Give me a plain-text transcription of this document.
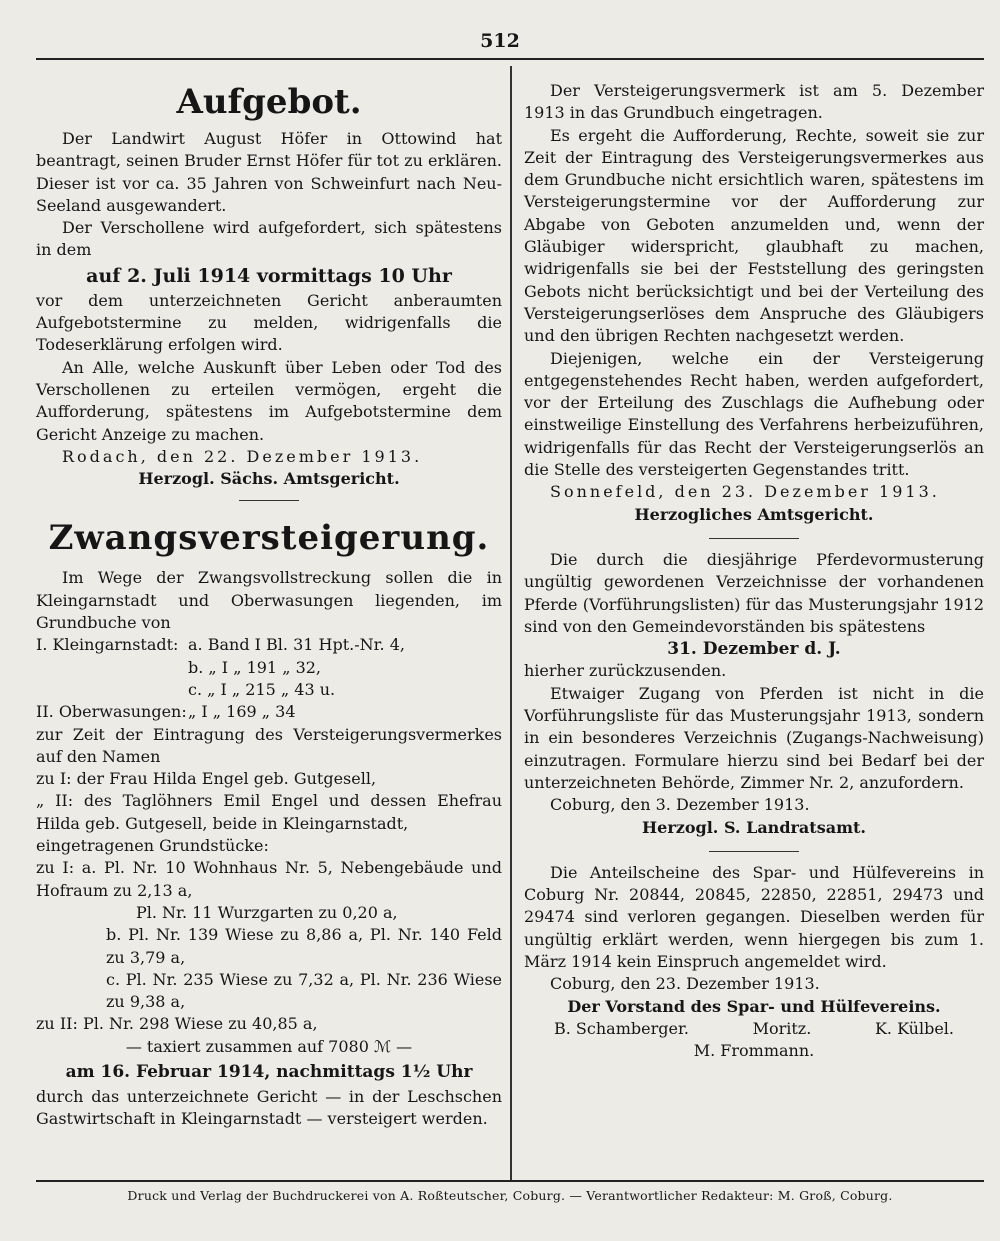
512
Aufgebot.

Der Landwirt August Höfer in Ottowind hat beantragt, seinen Bruder Ernst Höfer für tot zu erklären. Dieser ist vor ca. 35 Jahren von Schweinfurt nach Neu-Seeland ausgewandert.

Der Verschollene wird aufgefordert, sich spätestens in dem

auf 2. Juli 1914 vormittags 10 Uhr

vor dem unterzeichneten Gericht anberaumten Aufgebotstermine zu melden, widrigenfalls die Todeserklärung erfolgen wird.

An Alle, welche Auskunft über Leben oder Tod des Verschollenen zu erteilen vermögen, ergeht die Aufforderung, spätestens im Aufgebotstermine dem Gericht Anzeige zu machen.

Rodach, den 22. Dezember 1913.

Herzogl. Sächs. Amtsgericht.

Zwangsversteigerung.

Im Wege der Zwangsvollstreckung sollen die in Kleingarnstadt und Oberwasungen liegenden, im Grundbuche von

I. Kleingarnstadt: a. Band I Bl. 31 Hpt.-Nr. 4,
b. „ I „ 191 „ 32,
c. „ I „ 215 „ 43 u.
II. Oberwasungen: „ I „ 169 „ 34

zur Zeit der Eintragung des Versteigerungsvermerkes auf den Namen

zu I: der Frau Hilda Engel geb. Gutgesell,

„ II: des Taglöhners Emil Engel und dessen Ehefrau Hilda geb. Gutgesell, beide in Kleingarnstadt,

eingetragenen Grundstücke:

zu I: a. Pl. Nr. 10 Wohnhaus Nr. 5, Nebengebäude und Hofraum zu 2,13 a,

Pl. Nr. 11 Wurzgarten zu 0,20 a,

b. Pl. Nr. 139 Wiese zu 8,86 a, Pl. Nr. 140 Feld zu 3,79 a,

c. Pl. Nr. 235 Wiese zu 7,32 a, Pl. Nr. 236 Wiese zu 9,38 a,

zu II: Pl. Nr. 298 Wiese zu 40,85 a,

— taxiert zusammen auf 7080 ℳ —

am 16. Februar 1914, nachmittags 1½ Uhr

durch das unterzeichnete Gericht — in der Leschschen Gastwirtschaft in Kleingarnstadt — versteigert werden.

Der Versteigerungsvermerk ist am 5. Dezember 1913 in das Grundbuch eingetragen.

Es ergeht die Aufforderung, Rechte, soweit sie zur Zeit der Eintragung des Versteigerungsvermerkes aus dem Grundbuche nicht ersichtlich waren, spätestens im Versteigerungstermine vor der Aufforderung zur Abgabe von Geboten anzumelden und, wenn der Gläubiger widerspricht, glaubhaft zu machen, widrigenfalls sie bei der Feststellung des geringsten Gebots nicht berücksichtigt und bei der Verteilung des Versteigerungserlöses dem Anspruche des Gläubigers und den übrigen Rechten nachgesetzt werden.

Diejenigen, welche ein der Versteigerung entgegenstehendes Recht haben, werden aufgefordert, vor der Erteilung des Zuschlags die Aufhebung oder einstweilige Einstellung des Verfahrens herbeizuführen, widrigenfalls für das Recht der Versteigerungserlös an die Stelle des versteigerten Gegenstandes tritt.

Sonnefeld, den 23. Dezember 1913.

Herzogliches Amtsgericht.

Die durch die diesjährige Pferdevormusterung ungültig gewordenen Verzeichnisse der vorhandenen Pferde (Vorführungslisten) für das Musterungsjahr 1912 sind von den Gemeindevorständen bis spätestens

31. Dezember d. J.

hierher zurückzusenden.

Etwaiger Zugang von Pferden ist nicht in die Vorführungsliste für das Musterungsjahr 1913, sondern in ein besonderes Verzeichnis (Zugangs-Nachweisung) einzutragen. Formulare hierzu sind bei Bedarf bei der unterzeichneten Behörde, Zimmer Nr. 2, anzufordern.

Coburg, den 3. Dezember 1913.

Herzogl. S. Landratsamt.

Die Anteilscheine des Spar- und Hülfevereins in Coburg Nr. 20844, 20845, 22850, 22851, 29473 und 29474 sind verloren gegangen. Dieselben werden für ungültig erklärt werden, wenn hiergegen bis zum 1. März 1914 kein Einspruch angemeldet wird.

Coburg, den 23. Dezember 1913.

Der Vorstand des Spar- und Hülfevereins.

B. Schamberger.	Moritz.	K. Külbel.

M. Frommann.

Druck und Verlag der Buchdruckerei von A. Roßteutscher, Coburg. — Verantwortlicher Redakteur: M. Groß, Coburg.
